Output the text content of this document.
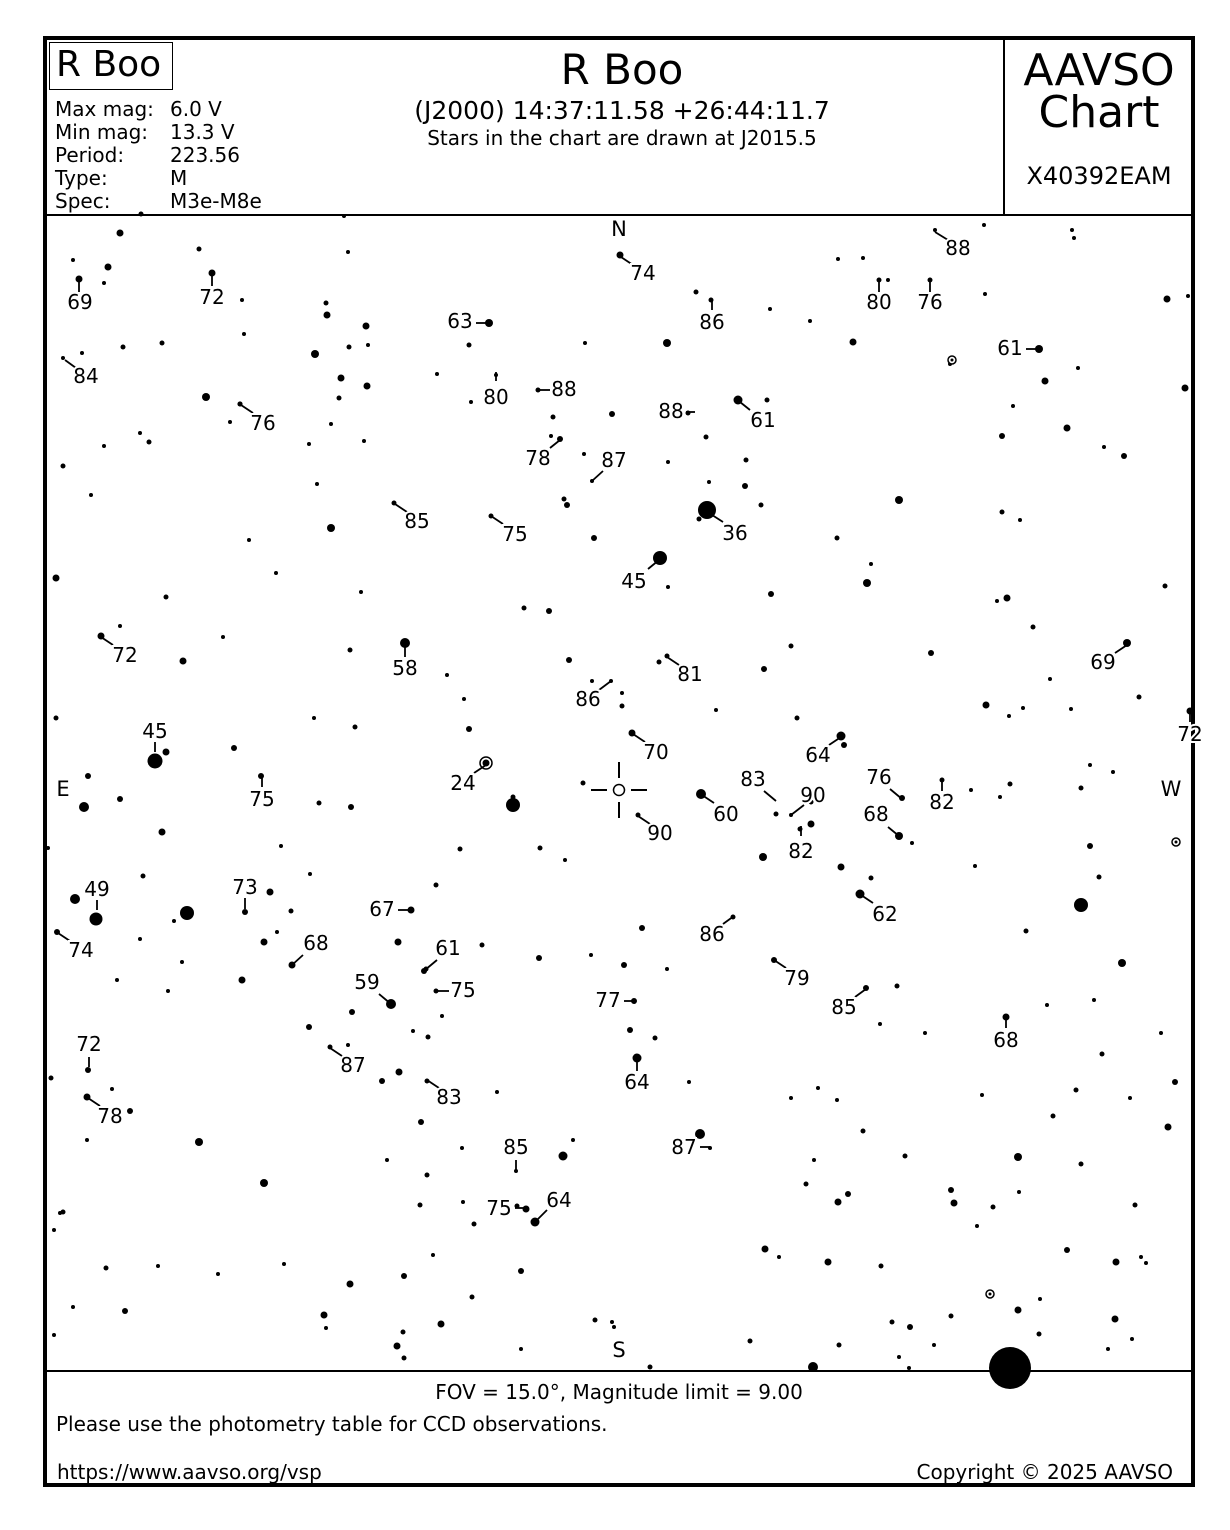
R Boo
Max mag: 6.0 V
Min mag:	13.3 V
Period:	223.56
Type:	M
Spec:	M3e-M8e
R Boo
(J2000) 14:37:11.58 +26:44:11.7
Stars in the chart are drawn at J2015.5
AAVSO
Chart
X40392EAM
69	72
88
74
80
76
86
63
61
84
80
88
76	88	61
78	87
85
75	36
45
72
58	81	69
86
45
70
72
24
64
75
83
90
76
82
60
90
68
82
49	73
67	62
74	68	61
86
59	75	79
77	85
68
72
87
64
83
78
85	87
75 64
N
S
E	W
FOV = 15.0°, Magnitude limit = 9.00
Please use the photometry table for CCD observations.
https://www.aavso.org/vsp	Copyright © 2025 AAVSO
